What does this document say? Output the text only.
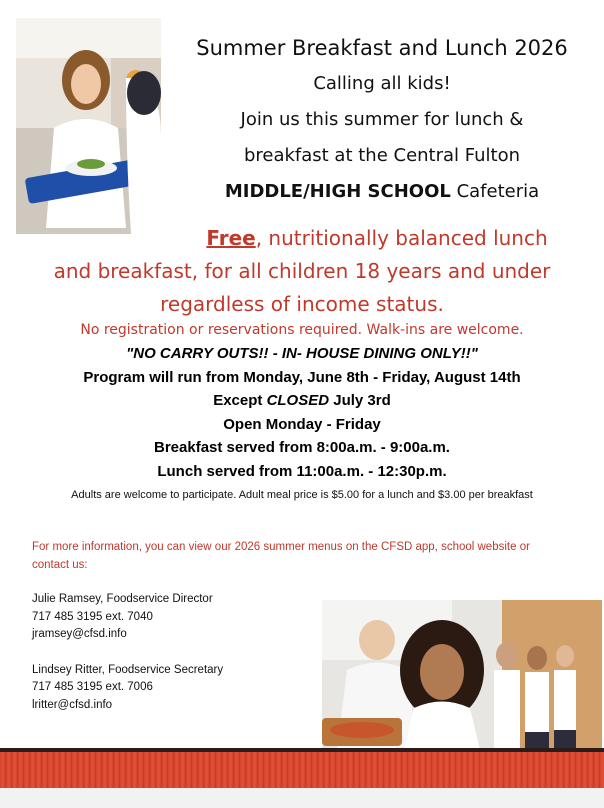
Summer Breakfast and Lunch 2026
Calling all kids!
Join us this summer for lunch &
breakfast at the Central Fulton
MIDDLE/HIGH SCHOOL Cafeteria
Free, nutritionally balanced lunch
and breakfast, for all children 18 years and under
regardless of income status.
No registration or reservations required. Walk-ins are welcome.
"NO CARRY OUTS!! - IN- HOUSE DINING ONLY!!"
Program will run from Monday, June 8th - Friday, August 14th
Except CLOSED July 3rd
Open Monday - Friday
Breakfast served from 8:00a.m. - 9:00a.m.
Lunch served from 11:00a.m. - 12:30p.m.
Adults are welcome to participate. Adult meal price is $5.00 for a lunch and $3.00 per breakfast
For more information, you can view our 2026 summer menus on the CFSD app, school website or contact us:
Julie Ramsey, Foodservice Director
717 485 3195 ext. 7040
jramsey@cfsd.info
Lindsey Ritter, Foodservice Secretary
717 485 3195 ext. 7006
lritter@cfsd.info
